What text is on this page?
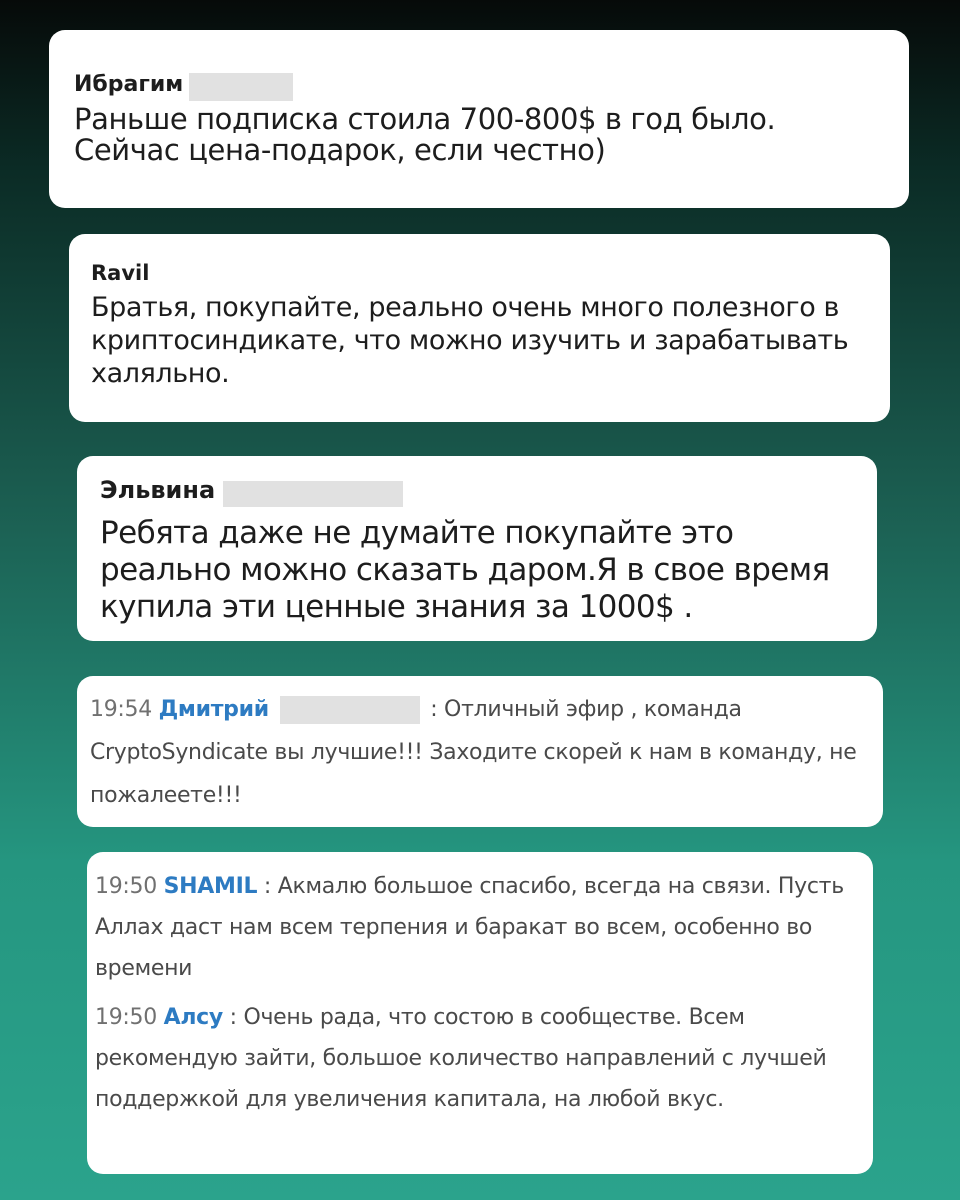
Ибрагим

Раньше подписка стоила 700-800$ в год было. Сейчас цена-подарок, если честно)

Ravil

Братья, покупайте, реально очень много полезного в криптосиндикате, что можно изучить и зарабатывать халяльно.

Эльвина

Ребята даже не думайте покупайте это реально можно сказать даром.Я в свое время купила эти ценные знания за 1000$ .

19:54 Дмитрий	: Отличный эфир , команда CryptoSyndicate вы лучшие!!! Заходите скорей к нам в команду, не пожалеете!!!
19:50 SHAMIL : Акмалю большое спасибо, всегда на связи. Пусть Аллах даст нам всем терпения и баракат во всем, особенно во времени
19:50 Алсу : Очень рада, что состою в сообществе. Всем рекомендую зайти, большое количество направлений с лучшей поддержкой для увеличения капитала, на любой вкус.
